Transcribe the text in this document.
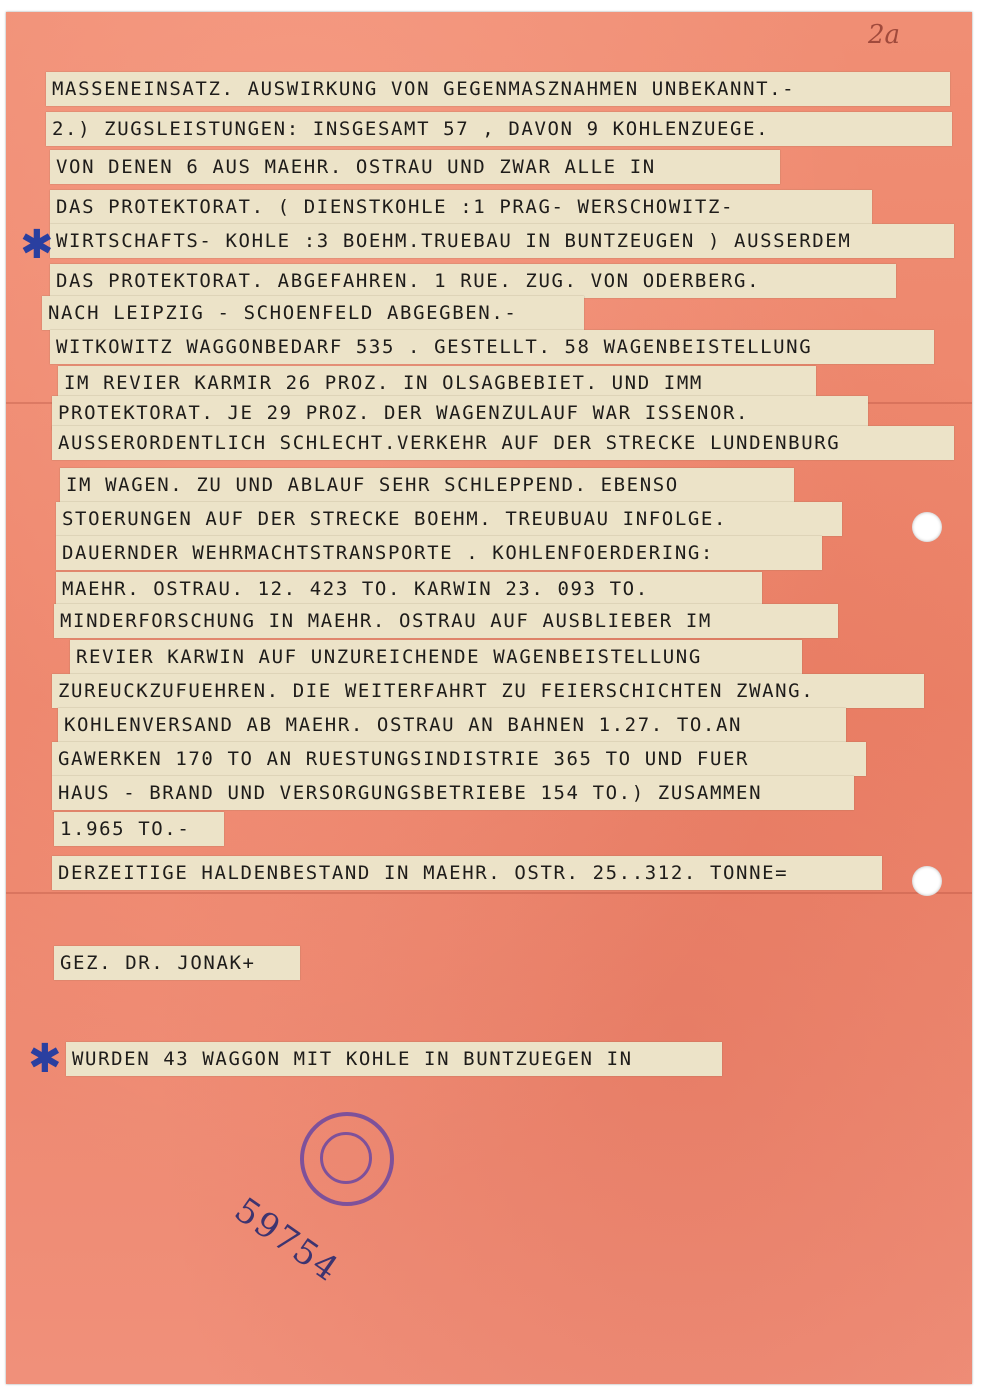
2a
MASSENEINSATZ. AUSWIRKUNG VON GEGENMASZNAHMEN UNBEKANNT.-
2.) ZUGSLEISTUNGEN: INSGESAMT 57 , DAVON 9 KOHLENZUEGE.
VON DENEN 6 AUS MAEHR. OSTRAU UND ZWAR ALLE IN
DAS PROTEKTORAT. ( DIENSTKOHLE :1 PRAG- WERSCHOWITZ-
WIRTSCHAFTS- KOHLE :3 BOEHM.TRUEBAU IN BUNTZEUGEN ) AUSSERDEM
DAS PROTEKTORAT. ABGEFAHREN. 1 RUE. ZUG. VON ODERBERG.
NACH LEIPZIG - SCHOENFELD ABGEGBEN.-
WITKOWITZ WAGGONBEDARF 535 . GESTELLT. 58 WAGENBEISTELLUNG
IM REVIER KARMIR 26 PROZ. IN OLSAGBEBIET. UND IMM
PROTEKTORAT. JE 29 PROZ. DER WAGENZULAUF WAR ISSENOR.
AUSSERORDENTLICH SCHLECHT.VERKEHR AUF DER STRECKE LUNDENBURG
IM WAGEN. ZU UND ABLAUF SEHR SCHLEPPEND. EBENSO
STOERUNGEN AUF DER STRECKE BOEHM. TREUBUAU INFOLGE.
DAUERNDER WEHRMACHTSTRANSPORTE . KOHLENFOERDERING:
MAEHR. OSTRAU. 12. 423 TO. KARWIN 23. 093 TO.
MINDERFORSCHUNG IN MAEHR. OSTRAU AUF AUSBLIEBER IM
REVIER KARWIN AUF UNZUREICHENDE WAGENBEISTELLUNG
ZUREUCKZUFUEHREN. DIE WEITERFAHRT ZU FEIERSCHICHTEN ZWANG.
KOHLENVERSAND AB MAEHR. OSTRAU AN BAHNEN 1.27. TO.AN
GAWERKEN 170 TO AN RUESTUNGSINDISTRIE 365 TO UND FUER
HAUS - BRAND UND VERSORGUNGSBETRIEBE 154 TO.) ZUSAMMEN
1.965 TO.-
DERZEITIGE HALDENBESTAND IN MAEHR. OSTR. 25..312. TONNE=
GEZ. DR. JONAK+
WURDEN 43 WAGGON MIT KOHLE IN BUNTZUEGEN IN
✱
✱
59754
